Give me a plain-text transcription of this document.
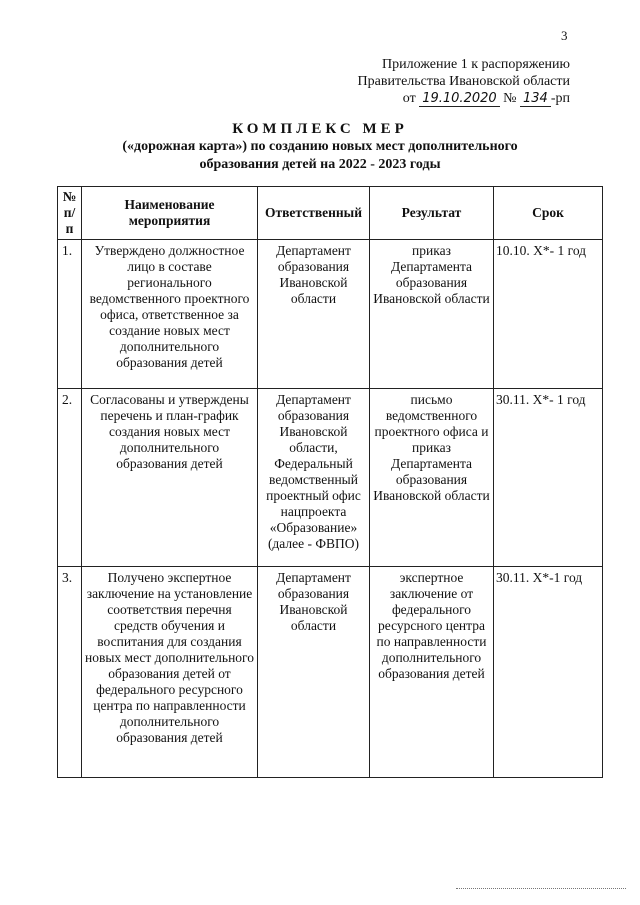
3
Приложение 1 к распоряжению
Правительства Ивановской области
от 19.10.2020 № 134 -рп
КОМПЛЕКС МЕР
(«дорожная карта») по созданию новых мест дополнительного
образования детей на 2022 - 2023 годы
№ п/п	Наименование мероприятия	Ответственный	Результат	Срок
1.	Утверждено должностное лицо в составе регионального ведомственного проектного офиса, ответственное за создание новых мест дополнительного образования детей	Департамент образования Ивановской области	приказ Департамента образования Ивановской области	10.10. Х*- 1 год
2.	Согласованы и утверждены перечень и план-график создания новых мест дополнительного образования детей	Департамент образования Ивановской области, Федеральный ведомственный проектный офис нацпроекта «Образование» (далее - ФВПО)	письмо ведомственного проектного офиса и приказ Департамента образования Ивановской области	30.11. Х*- 1 год
3.	Получено экспертное заключение на установление соответствия перечня средств обучения и воспитания для создания новых мест дополнительного образования детей от федерального ресурсного центра по направленности дополнительного образования детей	Департамент образования Ивановской области	экспертное заключение от федерального ресурсного центра по направленности дополнительного образования детей	30.11. Х*-1 год
